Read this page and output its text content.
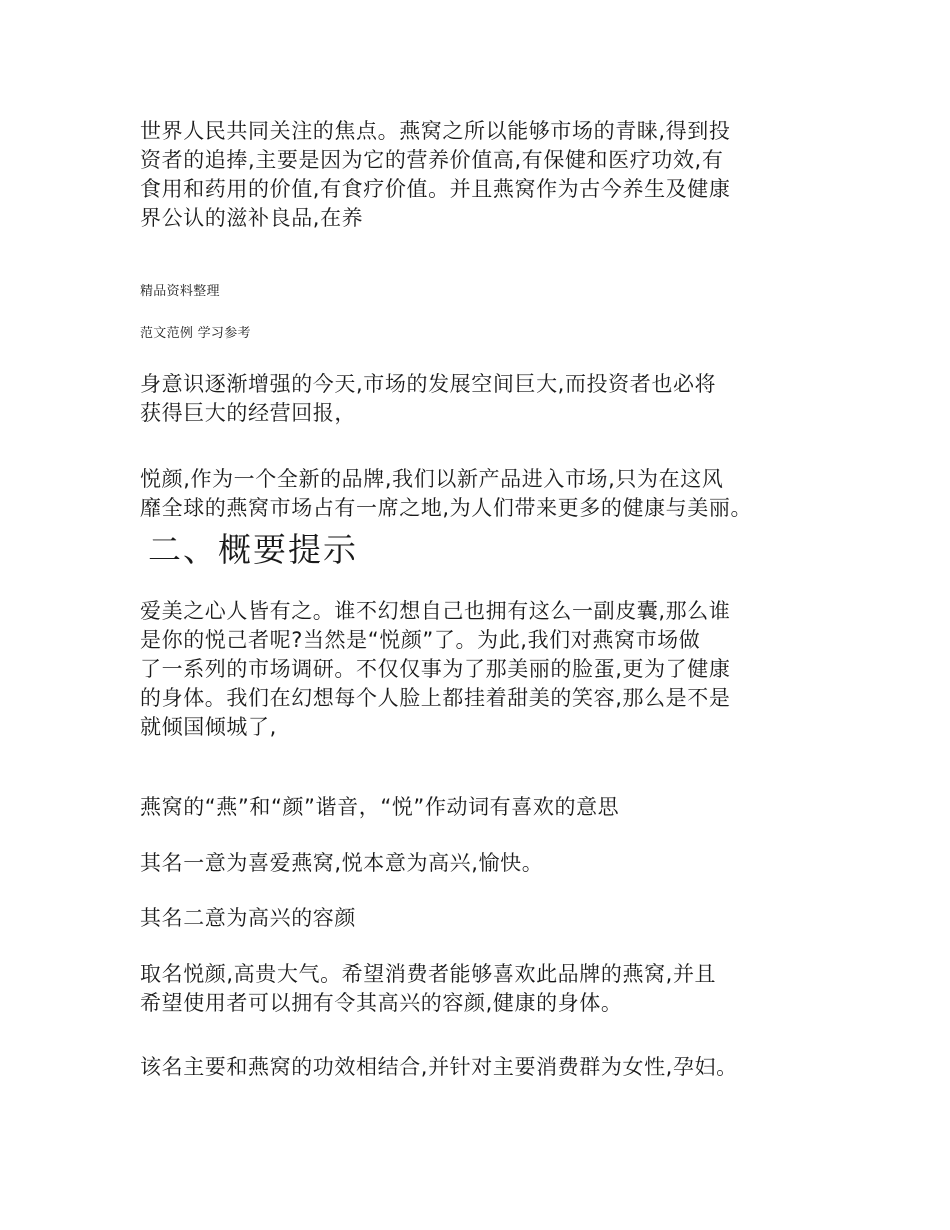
世界人民共同关注的焦点。燕窝之所以能够市场的青睐,得到投
资者的追捧,主要是因为它的营养价值高,有保健和医疗功效,有
食用和药用的价值,有食疗价值。并且燕窝作为古今养生及健康
界公认的滋补良品,在养

精品资料整理

范文范例 学习参考

身意识逐渐增强的今天,市场的发展空间巨大,而投资者也必将
获得巨大的经营回报，

悦颜,作为一个全新的品牌,我们以新产品进入市场,只为在这风
靡全球的燕窝市场占有一席之地,为人们带来更多的健康与美丽。

二、概要提示

爱美之心人皆有之。谁不幻想自己也拥有这么一副皮囊,那么谁
是你的悦己者呢?当然是“悦颜”了。为此,我们对燕窝市场做
了一系列的市场调研。不仅仅事为了那美丽的脸蛋,更为了健康
的身体。我们在幻想每个人脸上都挂着甜美的笑容,那么是不是
就倾国倾城了,

燕窝的“燕”和“颜”谐音，“悦”作动词有喜欢的意思

其名一意为喜爱燕窝,悦本意为高兴,愉快。

其名二意为高兴的容颜

取名悦颜,高贵大气。希望消费者能够喜欢此品牌的燕窝,并且
希望使用者可以拥有令其高兴的容颜,健康的身体。

该名主要和燕窝的功效相结合,并针对主要消费群为女性,孕妇。
